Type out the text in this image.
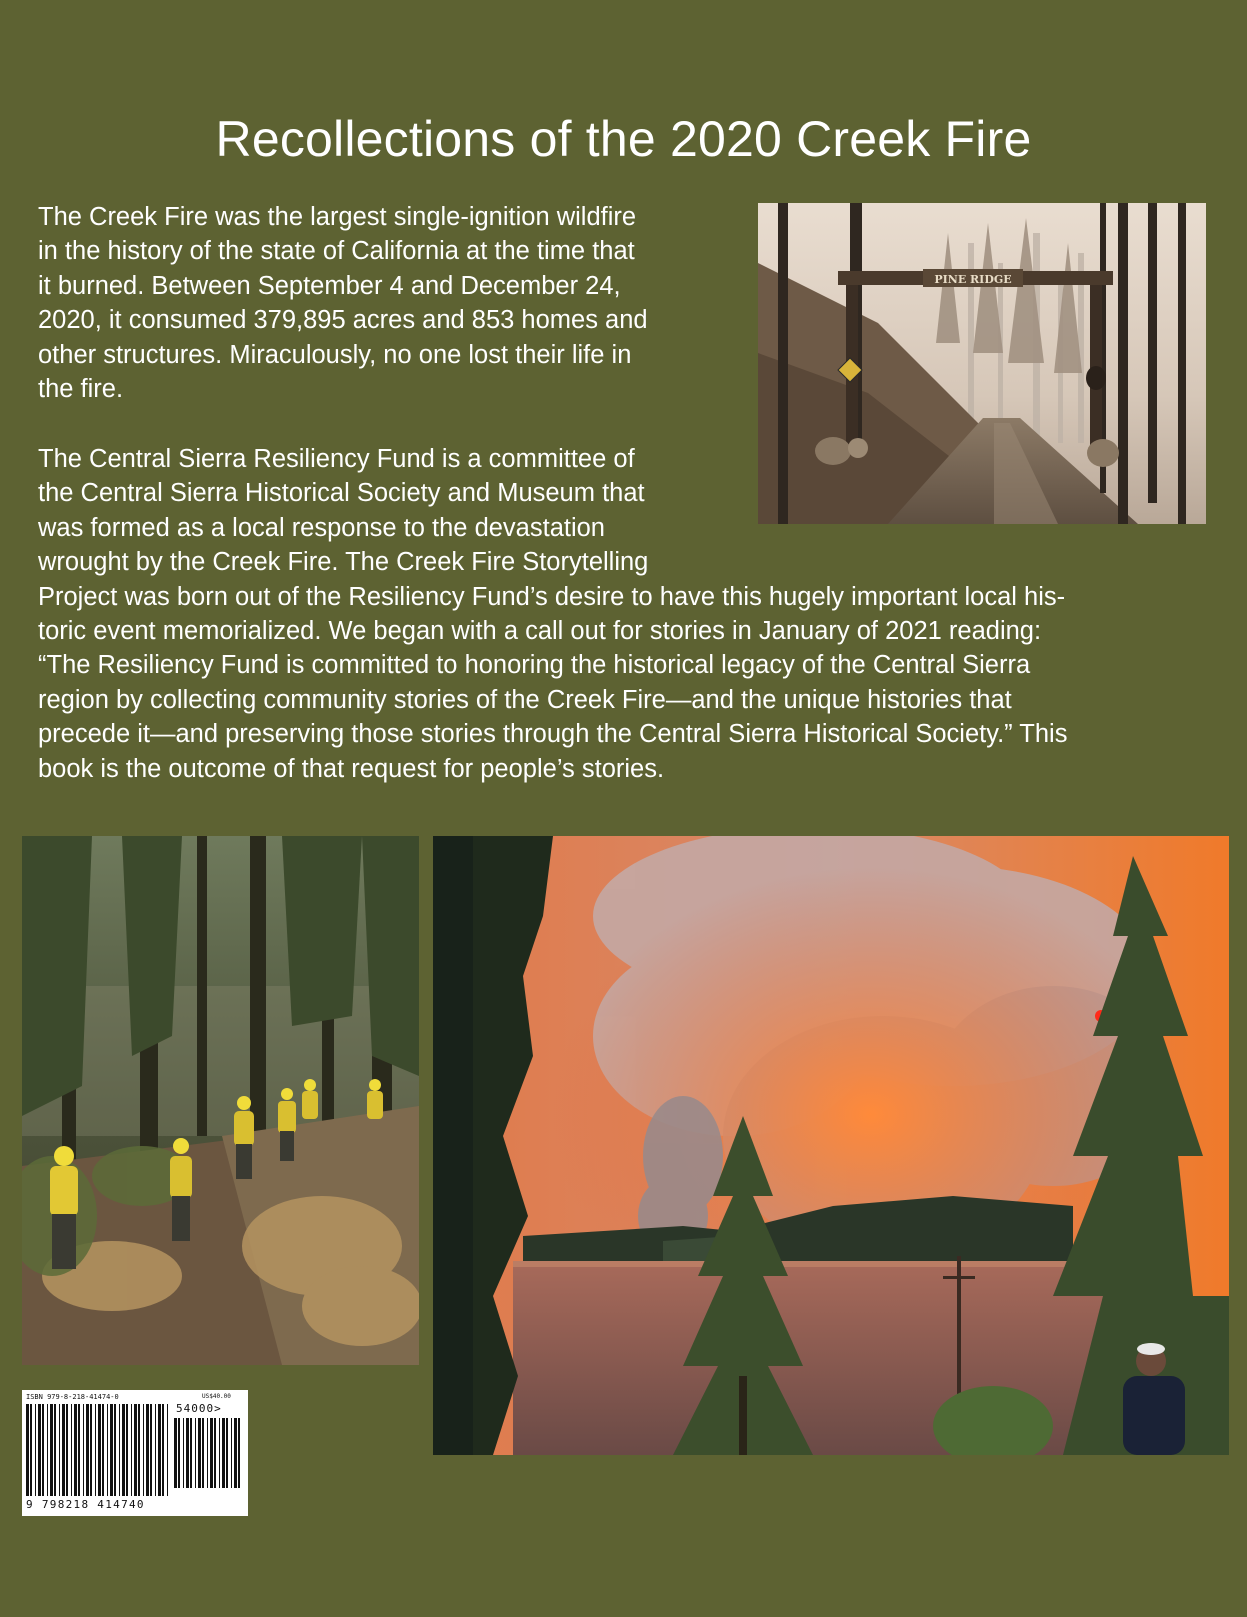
Recollections of the 2020 Creek Fire
The Creek Fire was the largest single-ignition wildfire
in the history of the state of California at the time that
it burned. Between September 4 and December 24,
2020, it consumed 379,895 acres and 853 homes and
other structures. Miraculously, no one lost their life in
the fire.
The Central Sierra Resiliency Fund is a committee of
the Central Sierra Historical Society and Museum that
was formed as a local response to the devastation
wrought by the Creek Fire. The Creek Fire Storytelling
Project was born out of the Resiliency Fund’s desire to have this hugely important local his-
toric event memorialized. We began with a call out for stories in January of 2021 reading:
“The Resiliency Fund is committed to honoring the historical legacy of the Central Sierra
region by collecting community stories of the Creek Fire—and the unique histories that
precede it—and preserving those stories through the Central Sierra Historical Society.” This
book is the outcome of that request for people’s stories.
PINE RIDGE
ISBN 979-8-218-41474-0	US$40.00
54000>
9 798218 414740
